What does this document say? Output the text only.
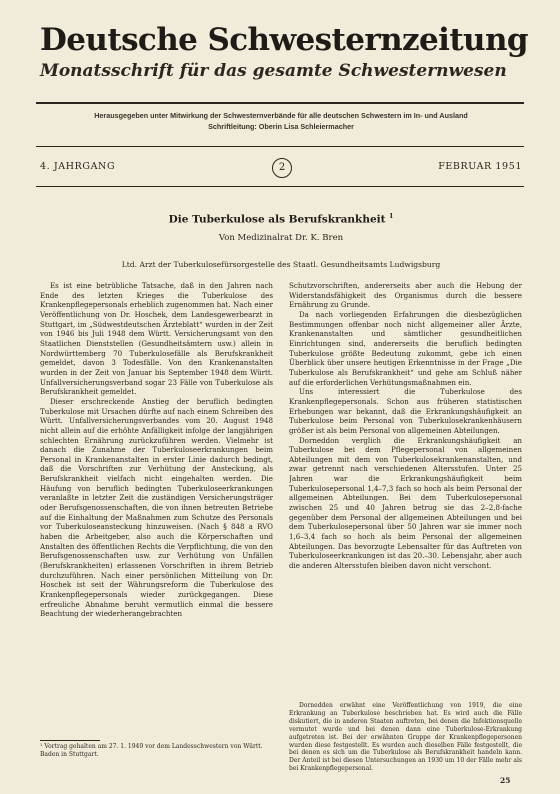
Deutsche Schwesternzeitung
Monatsschrift für das gesamte Schwesternwesen
Herausgegeben unter Mitwirkung der Schwesternverbände für alle deutschen Schwestern im In- und Ausland
Schriftleitung: Oberin Lisa Schleiermacher
4. JAHRGANG	2	FEBRUAR 1951
Die Tuberkulose als Berufskrankheit $^1$
Von Medizinalrat Dr. K. Bren
Ltd. Arzt der Tuberkulosefürsorgestelle des Staatl. Gesundheitsamts Ludwigsburg

Es ist eine betrübliche Tatsache, daß in den Jahren nach Ende des letzten Krieges die Tuberkulose des Krankenpflegepersonals erheblich zugenommen hat. Nach einer Veröffentlichung von Dr. Hoschek, dem Landesgewerbearzt in Stuttgart, im „Südwestdeutschen Ärzteblatt“ wurden in der Zeit von 1946 bis Juli 1948 dem Württ. Versicherungsamt von den Staatlichen Dienststellen (Gesundheitsämtern usw.) allein in Nordwürttemberg 70 Tuberkulosefälle als Berufskrankheit gemeldet, davon 3 Todesfälle. Von den Krankenanstalten wurden in der Zeit von Januar bis September 1948 dem Württ. Unfallversicherungsverband sogar 23 Fälle von Tuberkulose als Berufskrankheit gemeldet.

Dieser erschreckende Anstieg der beruflich bedingten Tuberkulose mit Ursachen dürfte auf nach einem Schreiben des Württ. Unfallversicherungsverbandes vom 20. August 1948 nicht allein auf die erhöhte Anfälligkeit infolge der langjährigen schlechten Ernährung zurückzuführen werden. Vielmehr ist danach die Zunahme der Tuberkuloseerkrankungen beim Personal in Krankenanstalten in erster Linie dadurch bedingt, daß die Vorschriften zur Verhütung der Ansteckung, als Berufskrankheit vielfach nicht eingehalten werden. Die Häufung von beruflich bedingten Tuberkuloseerkrankungen veranlaßte in letzter Zeit die zuständigen Versicherungsträger oder Berufsgenossenschaften, die von ihnen betreuten Betriebe auf die Einhaltung der Maßnahmen zum Schutze des Personals vor Tuberkuloseansteckung hinzuweisen. (Nach § 848 a RVO haben die Arbeitgeber, also auch die Körperschaften und Anstalten des öffentlichen Rechts die Verpflichtung, die von den Berufsgenossenschaften usw. zur Verhütung von Unfällen (Berufskrankheiten) erlassenen Vorschriften in ihrem Betrieb durchzuführen. Nach einer persönlichen Mitteilung von Dr. Hoschek ist seit der Währungsreform die Tuberkulose des Krankenpflegepersonals wieder zurückgegangen. Diese erfreuliche Abnahme beruht vermutlich einmal die bessere Beachtung der wiederherangebrachten

Schutzvorschriften, andererseits aber auch die Hebung der Widerstandsfähigkeit des Organismus durch die bessere Ernährung zu Grunde.

Da nach vorliegenden Erfahrungen die diesbezüglichen Bestimmungen offenbar noch nicht allgemeiner aller Ärzte, Krankenanstalten und sämtlicher gesundheitlichen Einrichtungen sind, andererseits die beruflich bedingten Tuberkulose größte Bedeutung zukommt, gebe ich einen Überblick über unsere heutigen Erkenntnisse in der Frage „Die Tuberkulose als Berufskrankheit“ und gehe am Schluß näher auf die erforderlichen Verhütungsmaßnahmen ein.

Uns interessiert die Tuberkulose des Krankenpflegepersonals. Schon aus früheren statistischen Erhebungen war bekannt, daß die Erkrankungshäufigkeit an Tuberkulose beim Personal von Tuberkulosekrankenhäusern größer ist als beim Personal von allgemeinen Abteilungen.

Dorneddon verglich die Erkrankungshäufigkeit an Tuberkulose bei dem Pflegepersonal von allgemeinen Abteilungen mit dem von Tuberkulosekrankenanstalten, und zwar getrennt nach verschiedenen Altersstufen. Unter 25 Jahren war die Erkrankungshäufigkeit beim Tuberkulosepersonal 1,4–7,3 fach so hoch als beim Personal der allgemeinen Abteilungen. Bei dem Tuberkulosepersonal zwischen 25 und 40 Jahren betrug sie das 2–2,8-fache gegenüber dem Personal der allgemeinen Abteilungen und bei dem Tuberkulosepersonal über 50 Jahren war sie immer noch 1,6–3,4 fach so hoch als beim Personal der allgemeinen Abteilungen. Das bevorzugte Lebensalter für das Auftreten von Tuberkuloseerkrankungen ist das 20.–30. Lebensjahr, aber auch die anderen Altersstufen bleiben davon nicht verschont.

Dornedden erwähnt eine Veröffentlichung von 1919, die eine Erkrankung an Tuberkulose beschrieben hat. Es wird auch die Fälle diskutiert, die in anderen Staaten auftreten, bei denen die Infektionsquelle vermutet wurde und bei denen dann eine Tuberkulose-Erkrankung aufgetreten ist. Bei der erwähnten Gruppe der Krankenpflegepersonen wurden diese festgestellt. Es wurden auch dieselben Fälle festgestellt, die bei denen es sich um die Tuberkulose als Berufskrankheit handeln kann. Der Anteil ist bei diesen Untersuchungen an 1930 um 10 der Fälle mehr als bei Krankenpflegepersonal.

¹ Vortrag gehalten am 27. 1. 1949 vor dem Landesschwestern von Württ. Baden in Stuttgart.
25
